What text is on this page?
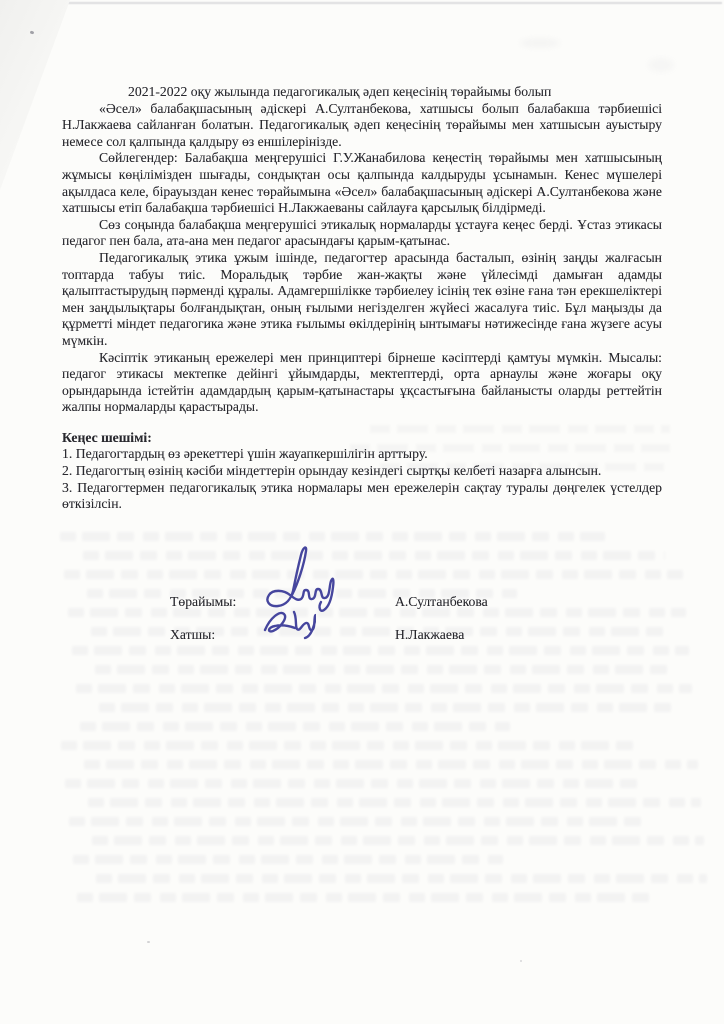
2021-2022 оқу жылында педагогикалық әдеп кеңесінің төрайымы болып

«Әсел» балабақшасының әдіскері А.Султанбекова, хатшысы болып балабакша тәрбиешісі Н.Лакжаева сайланған болатын. Педагогикалық әдеп кеңесінің төрайымы мен хатшысын ауыстыру немесе сол қалпында қалдыру өз еншілерінізде.

Сөйлегендер: Балабақша меңгерушісі Г.У.Жанабилова кеңестің төрайымы мен хатшысының жұмысы көңілімізден шығады, сондықтан осы қалпында калдыруды ұсынамын. Кенес мүшелері ақылдаса келе, бірауыздан кенес төрайымына «Әсел» балабақшасының әдіскері А.Султанбекова және хатшысы етіп балабақша тәрбиешісі Н.Лакжаеваны сайлауға қарсылық білдірмеді.

Сөз соңында балабақша меңгерушісі этикалық нормаларды ұстауға кеңес берді. Ұстаз этикасы педагог пен бала, ата-ана мен педагог арасындағы қарым-қатынас.

Педагогикалық этика ұжым ішінде, педагогтер арасында басталып, өзінің заңды жалғасын топтарда табуы тиіс. Моральдық тәрбие жан-жақты және үйлесімді дамыған адамды қалыптастырудың пәрменді құралы. Адамгершілікке тәрбиелеу ісінің тек өзіне ғана тән ерекшеліктері мен заңдылықтары болғандықтан, оның ғылыми негізделген жүйесі жасалуға тиіс. Бұл маңызды да құрметті міндет педагогика және этика ғылымы өкілдерінің ынтымағы нәтижесінде ғана жүзеге асуы мүмкін.

Кәсіптік этиканың ережелері мен принциптері бірнеше кәсіптерді қамтуы мүмкін. Мысалы: педагог этикасы мектепке дейінгі ұйымдарды, мектептерді, орта арнаулы және жоғары оқу орындарында істейтін адамдардың қарым-қатынастары ұқсастығына байланысты оларды реттейтін жалпы нормаларды қарастырады.

Кеңес шешімі:

1. Педагогтардың өз әрекеттері үшін жауапкершілігін арттыру.

2. Педагогтың өзінің кәсіби міндеттерін орындау кезіндегі сыртқы келбеті назарға алынсын.

3. Педагогтермен педагогикалық этика нормалары мен ережелерін сақтау туралы дөңгелек үстелдер өткізілсін.

Төрайымы:	А.Султанбекова
Хатшы:	Н.Лакжаева
